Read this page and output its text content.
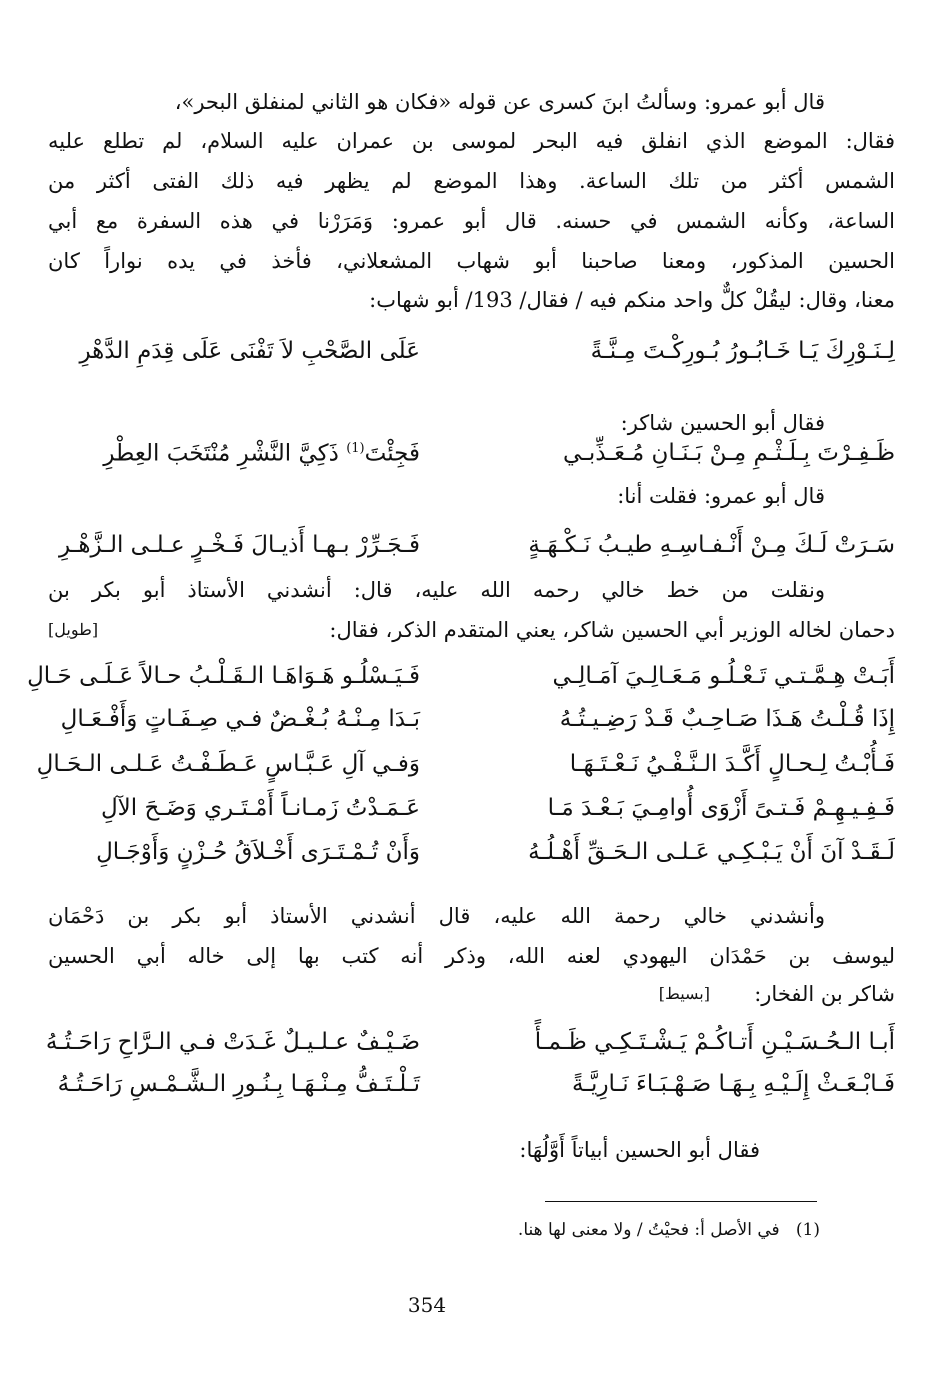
قال أبو عمرو: وسألتُ ابنَ كسرى عن قوله «فكان هو الثاني لمنفلق البحر»،
فقال: الموضع الذي انفلق فيه البحر لموسى بن عمران عليه السلام، لم تطلع عليه
الشمس أكثر من تلك الساعة. وهذا الموضع لم يظهر فيه ذلك الفتى أكثر من
الساعة، وكأنه الشمس في حسنه. قال أبو عمرو: وَمَرَرْنا في هذه السفرة مع أبي
الحسين المذكور، ومعنا صاحبنا أبو شهاب المشعلاني، فأخذ في يده نواراً كان
معنا، وقال: ليقُلْ كلٌّ واحد منكم فيه / فقال/ 193/ أبو شهاب:
لِـنَـوْرِكَ يَـا خَـابُـورُ بُـورِكْـتَ مِـنَّـةً
عَلَى الصَّحْبِ لاَ تَفْنَى عَلَى قِدَمِ الدَّهْرِ
فقال أبو الحسين شاكر:
ظَـفِـرْتَ بِـلَـثْـمِ مِـنْ بَـنَـانِ مُـعَـذِّبـي
فَجِئْتَ$^{(1)}$ ذَكِيَّ النَّشْرِ مُنْتَخَبَ العِطْرِ
قال أبو عمرو: فقلت أنا:
سَـرَتْ لَـكَ مِـنْ أَنْـفـاسِـهِ طيـبُ نَـكْـهَـةٍ
فَـجَـرِّرْ بـهـا أَذيـالَ فَـخْـرٍ عـلـى الـزَّهْـرِ
ونقلت من خط خالي رحمه الله عليه، قال: أنشدني الأستاذ أبو بكر بن
دحمان لخاله الوزير أبي الحسين شاكر، يعني المتقدم الذكر، فقال:
[طويل]
أَبَـتْ هِـمَّـتـي تَـعْـلُـو مَـعَـالِـيَ آمَـالِـي
فَـيَـسْلُـو هَـوَاهَـا الـقَـلْـبُ حـالاً عَـلَـى حَـالِ
إِذَا قُـلْـتُ هَـذَا صَـاحِـبٌ قَـدْ رَضِـيـتُـهُ
بَـدَا مِـنْـهُ بُـغْـضٌ فـي صِـفَـاتٍ وَأَفْـعَـالِ
فَـأُبْـتُ لِـحـالٍ أَكَّـدَ الـنَّـفْـيُ نَـعْـتَـهَـا
وَفـي آلِ عَـبَّـاسٍ عَـطَـفْـتُ عَـلـى الـحَـالِ
فَـفِـيـهِـمْ فَـتـىً أَزْوَى أُوامِـيَ بَـعْـدَ مَـا
عَـمَـدْتُ زَمـانـاً أَمْـتَـري وَضَـحَ الآلِ
لَـقَـدْ آنَ أَنْ يَـبْـكِـي عَـلـى الـحَـقِّ أَهْـلُـهُ
وَأَنْ تُـمْـتَـرَى أَخْـلاَقُ حُـزْنٍ وَأَوْجَـالِ
وأنشدني خالي رحمة الله عليه، قال أنشدني الأستاذ أبو بكر بن دَحْمَان
ليوسف بن حَمْدَان اليهودي لعنه الله، وذكر أنه كتب بها إلى خاله أبي الحسين
شاكر بن الفخار:
[بسيط]
أَبـا الـحُـسَـيْـنِ أَتـاكُـمْ يَـشْـتَـكِـي ظَـمـأً
ضَـيْـفٌ عـلـيـلٌ غَـدَتْ فـي الـرَّاحِ رَاحَـتُـهُ
فَـابْـعَـثْ إِلَـيْـهِ بِـهَـا صَـهْـبَـاءَ نَـارِيَّـةً
تَـلْـتَـفُّ مِـنْـهَـا بِـنُـورِ الـشَّـمْـسِ رَاحَـتُـهُ
فقال أبو الحسين أبياتاً أَوَّلُهَا:
(1)   في الأصل أ: فحيْتُ / ولا معنى لها هنا.
354
